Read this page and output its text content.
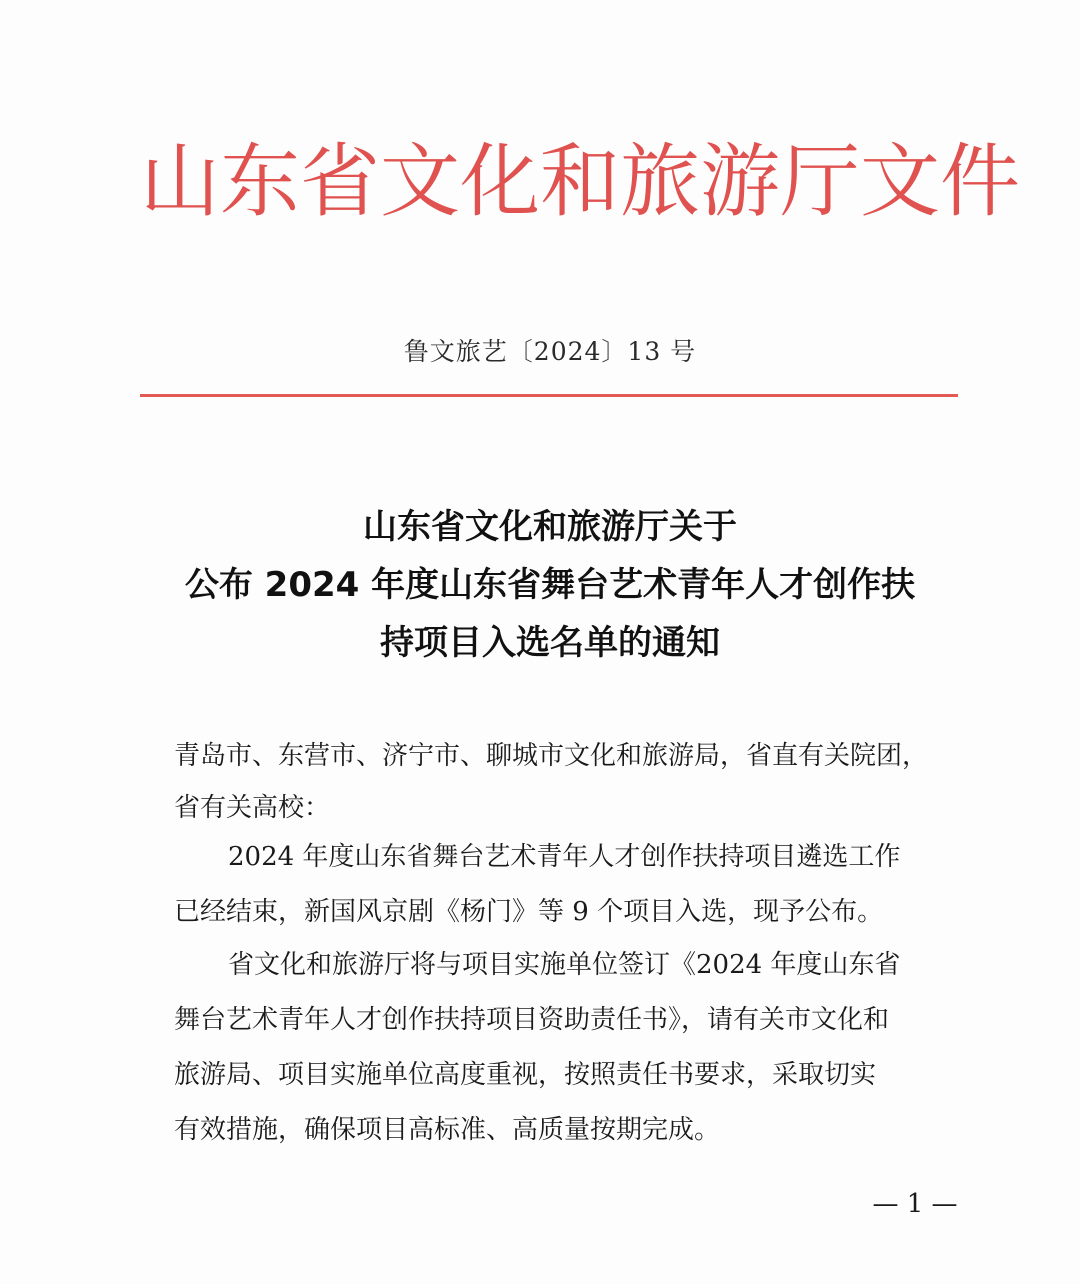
山东省文化和旅游厅文件
鲁文旅艺〔2024〕13 号
山东省文化和旅游厅关于
公布 2024 年度山东省舞台艺术青年人才创作扶
持项目入选名单的通知
青岛市、东营市、济宁市、聊城市文化和旅游局，省直有关院团，
省有关高校：
2024 年度山东省舞台艺术青年人才创作扶持项目遴选工作
已经结束，新国风京剧《杨门》等 9 个项目入选，现予公布。
省文化和旅游厅将与项目实施单位签订《2024 年度山东省
舞台艺术青年人才创作扶持项目资助责任书》，请有关市文化和
旅游局、项目实施单位高度重视，按照责任书要求，采取切实
有效措施，确保项目高标准、高质量按期完成。
— 1 —
